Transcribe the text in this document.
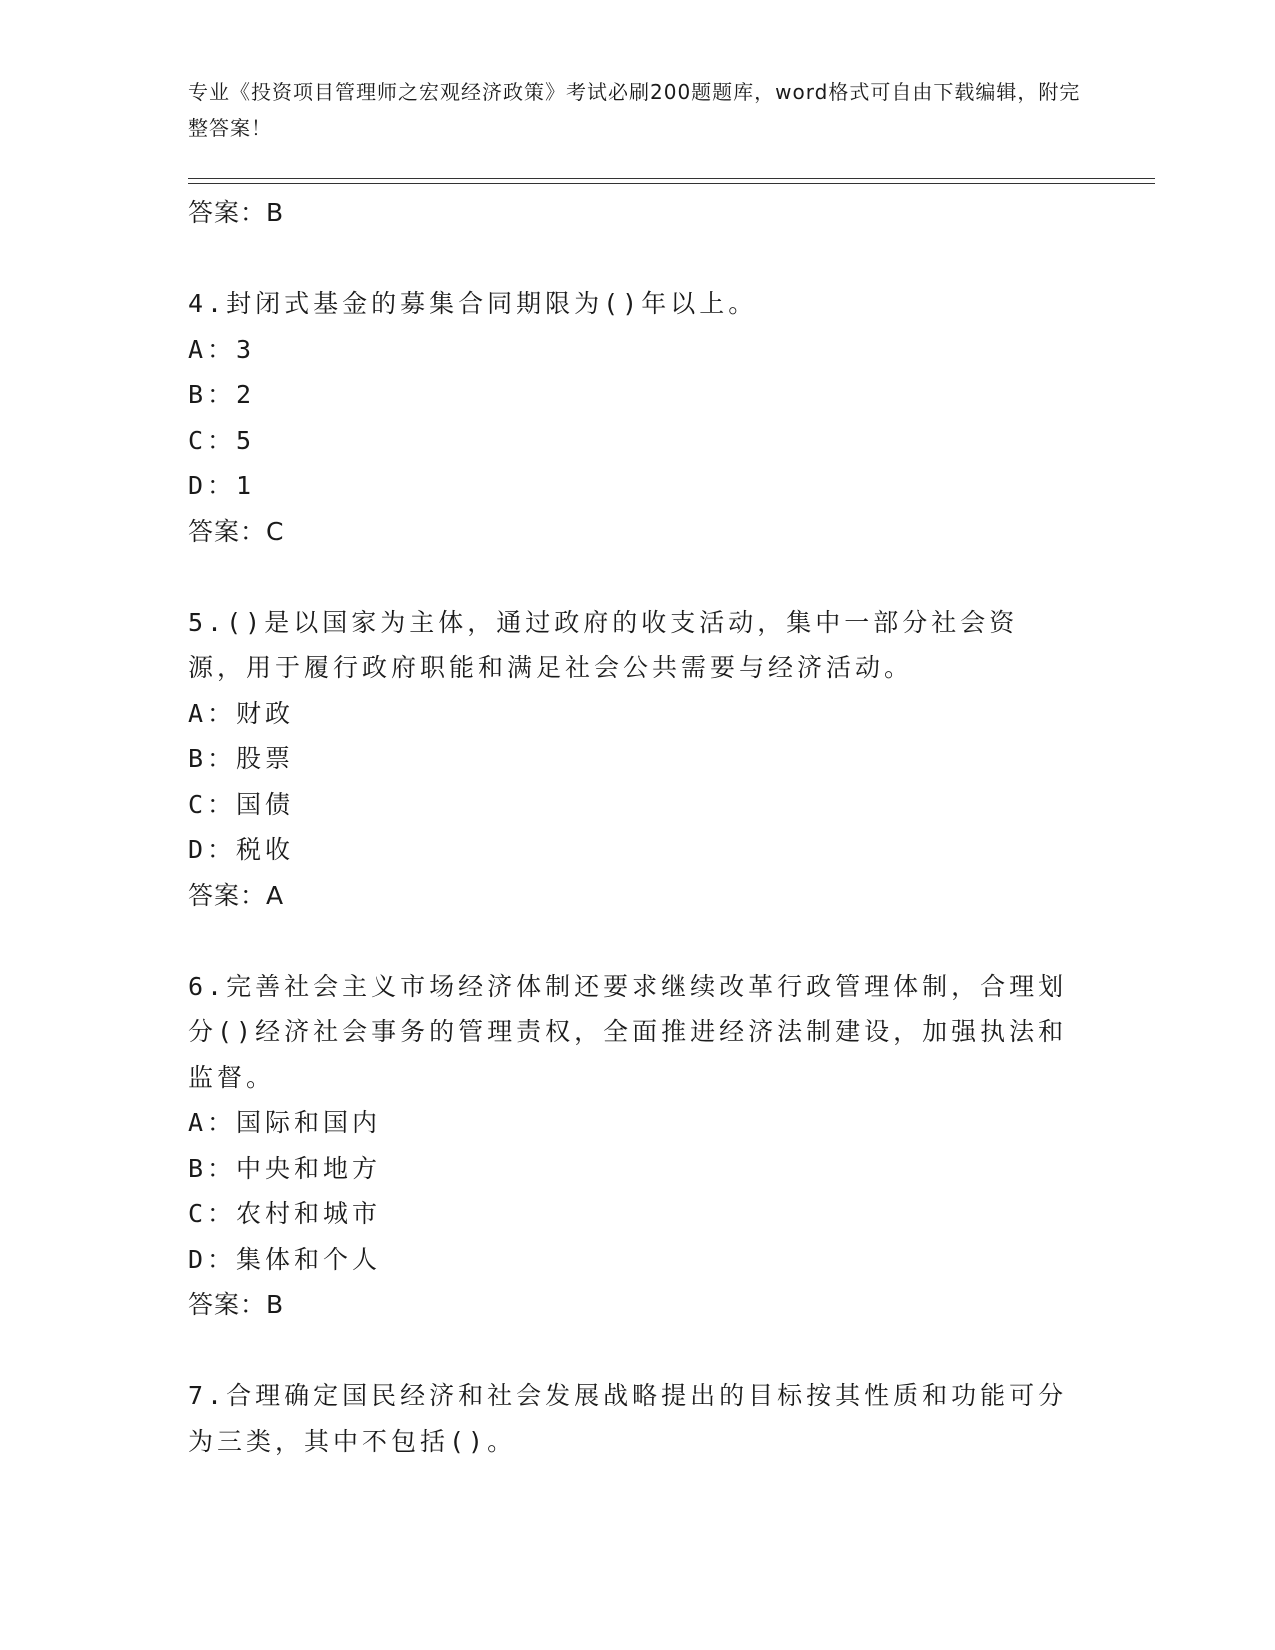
专业《投资项目管理师之宏观经济政策》考试必刷200题题库，word格式可自由下载编辑，附完整答案！
答案：B
4.封闭式基金的募集合同期限为()年以上。
A：3
B：2
C：5
D：1
答案：C
5.()是以国家为主体，通过政府的收支活动，集中一部分社会资源，用于履行政府职能和满足社会公共需要与经济活动。
A：财政
B：股票
C：国债
D：税收
答案：A
6.完善社会主义市场经济体制还要求继续改革行政管理体制，合理划分()经济社会事务的管理责权，全面推进经济法制建设，加强执法和监督。
A：国际和国内
B：中央和地方
C：农村和城市
D：集体和个人
答案：B
7.合理确定国民经济和社会发展战略提出的目标按其性质和功能可分为三类，其中不包括()。
